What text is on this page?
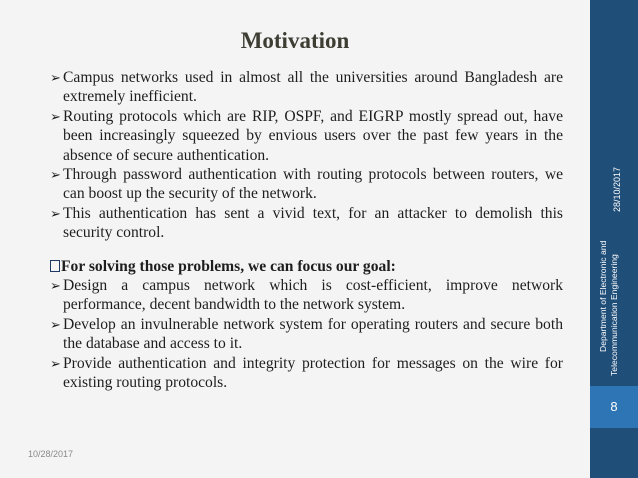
Motivation
➢ Campus networks used in almost all the universities around Bangladesh are extremely inefficient.
➢ Routing protocols which are RIP, OSPF, and EIGRP mostly spread out, have been increasingly squeezed by envious users over the past few years in the absence of secure authentication.
➢ Through password authentication with routing protocols between routers, we can boost up the security of the network.
➢ This authentication has sent a vivid text, for an attacker to demolish this security control.
For solving those problems, we can focus our goal:
➢ Design a campus network which is cost-efficient, improve network performance, decent bandwidth to the network system.
➢ Develop an invulnerable network system for operating routers and secure both the database and access to it.
➢ Provide authentication and integrity protection for messages on the wire for existing routing protocols.
28/10/2017
Department of Electronic and Telecommunication Engineering
8
10/28/2017
